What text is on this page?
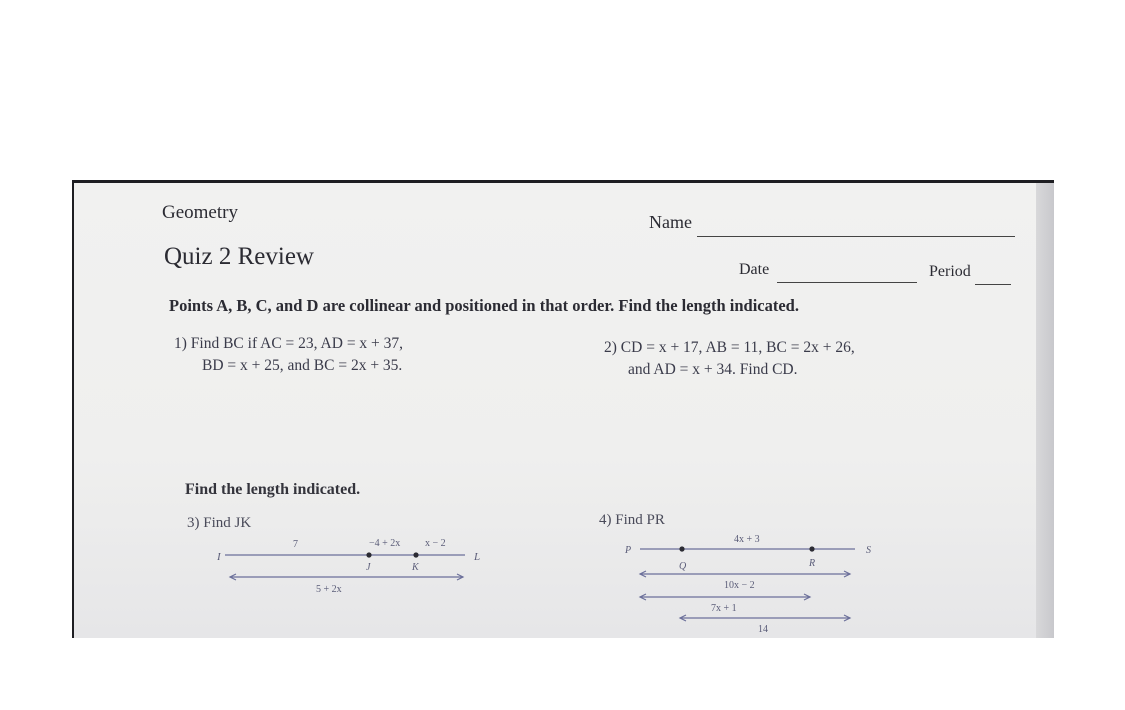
Geometry
Quiz 2 Review
Name
Date	Period
Points A, B, C, and D are collinear and positioned in that order. Find the length indicated.
1) Find BC if AC = 23, AD = x + 37,
BD = x + 25, and BC = 2x + 35.
2) CD = x + 17, AB = 11, BC = 2x + 26,
and AD = x + 34. Find CD.
Find the length indicated.
3) Find JK	4) Find PR
I
J	K
L
7	−4 + 2x x − 2
5 + 2x
P
Q	R
S
4x + 3
10x − 2
7x + 1
14
